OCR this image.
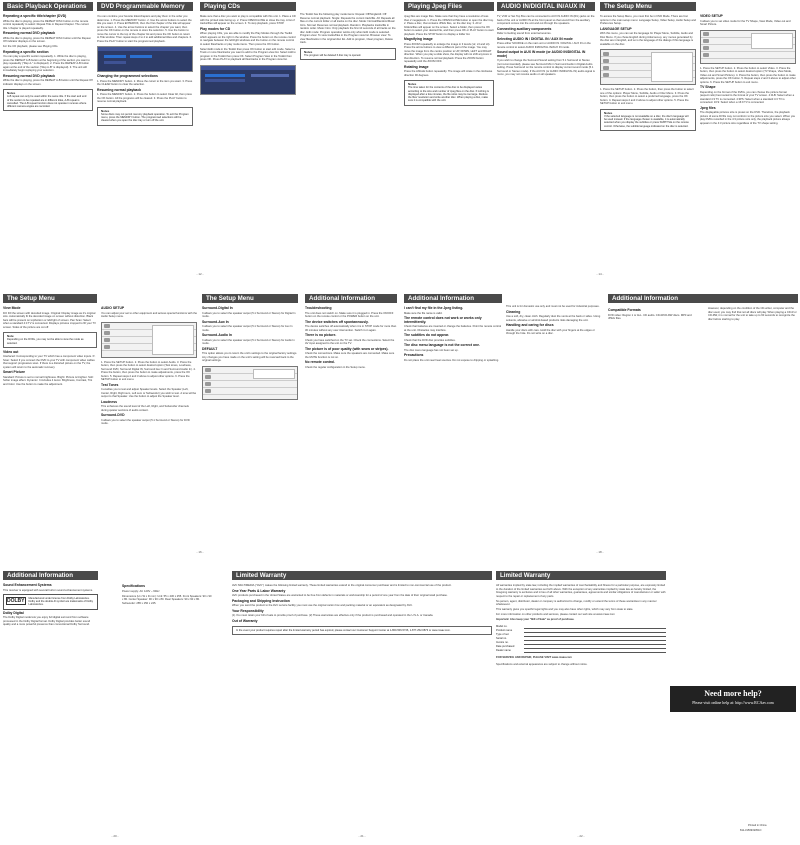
Basic Playback Operations
Repeating a specific title/chapter (DVD)

While the disc is playing, press the REPEAT DISC button on the remote control repeatedly to select: Repeat Title or Repeat Chapter. The current title / chapter is played repeatedly.

Resuming normal DVD playback

While the disc is playing, press the REPEAT DISC button until the Repeat Off indicator displays on the screen.

For the CD playback, please see Playing CDs.

Repeating a specific section

You can play a specific section repeatedly. 1. While the disc is playing, press the REPEAT A-B button at the beginning of the section you want to play repeatedly ("Rep A-" is displayed). 2. Press the REPEAT A-B button again at the end of the section ("Rep A-B" is displayed). 3. The unit will immediately begin replaying your selection.

Resuming normal DVD playback

While the disc is playing, press the REPEAT A-B button until the Repeat Off indicator displays on the screen.

Notes
A-B repeat can only be used within the same title. If the start and end of the section to be repeated are in different titles, A-B repeat is cancelled. The A-B repeat function does not operate in scenes where different camera angles are recorded.
DVD Programmable Memory

You can combine your favorite titles/chapters and play them in the order you determine. 1. Press the MEMORY button. 2. Use the arrow buttons to select the title you want. 3. Press ENTER/OK, then the first chapter of the title will appear on the screen. 4. Use the arrow buttons to select the chapter you want, then press the OK button on the remote to store the selection. 5. Use the button to move the cursor to the top of the chapter list and press the OK button to return to Title window. Then repeat steps 2 to 4 to add additional titles and chapters. 6. Press the PLAY button to start the programmed playback.

Changing the programmed selections

1. Press the MEMORY button. 2. Move the cursor to the item you want. 3. Press the CLEAR button to clear the selection.

Resuming normal playback

1. Press the MEMORY button. 2. Press the button to select Clear All, then press the OK button. All the programs will be cleared. 3. Press the PLAY button to resume normal playback.

Notes
Some discs may not permit memory playback operation. To exit the Program menu, press the MEMORY button. The programmed selections will be cleared when you open the disc tray or turn off the unit.
Playing CDs

Make sure that a disc you want to play is compatible with this unit. 1. Place a CD with the printed side facing up. 2. Press OPEN/CLOSE to close the tray. A list of tracks/files will appear on the screen. 3. To stop playback, press STOP.

Play modes for CD

When playing CDs, you are able to modify the Play Modes through the Toolkit which appears on the right in the window. Press the button on the remote control to navigate between the left/right windows and the button on the remote control to select files/tracks or play mode items. Then press the OK button.

Select Edit mode in the Toolkit then press OK button to start edit mode. Select a Track or more files/tracks you want to add to the Program view list. Select Add to program in the Toolkit then press OK. Select Program View in the Toolkit then press OK. Press PLAY to playback all files/tracks in the Program view list.

The Toolkit has the following play mode items: Repeat: Off/Single/All. Off: Resume normal playback. Single: Repeats the current track/file. All: Repeats all files on the current folder or all tracks on the disc. Mode: Normal/Random/Music Intro. Normal: Resumes normal playback. Random: Playbacks tracks/file in random order. Music Intro: Only playback the first 10 seconds of all tracks on the disc. Edit mode: Program operation works only when Edit mode is selected. Program view: To view tracks/files in the Program view list. Browser view: To view files/tracks in the original disc list. Add to program, Clear program, Delete track.

Notes
The program will be deleted if disc tray is opened.
- 12 -
Playing Jpeg Files

Jpeg files are image files. Make sure that they have a resolution of less than 2 megapixels. 1. Press the OPEN/CLOSE button to open the disc tray. 2. Place a disc, that contains JPEG files, on the disc tray. 3. All of folders/files will appear on the screen. Select a folder, then press the OK button to select your desired file, and then press OK or PLAY button to start playback. Press the STOP button to display a folder list.

Magnifying image

Press ZOOM repeatedly to enlarge the image in 3 levels (x2, x3 and x4). Press the arrow buttons to view a different part of the image. You may move the image from the centre position to UP, DOWN, LEFT and RIGHT direction. When you play a slide show, the display will not shift anymore in that direction. To resume normal playback: Press the ZOOM button repeatedly until the ZOOM OFF.

Rotating image

Press the ANGLE button repeatedly. The image will rotate in the clockwise direction 90 degrees.

Notes
The time taken for the contents of the disc to be displayed varies according to the size and number of Jpeg files on the disc. If nothing is displayed after a few minutes, the file sizes may be too large. Reduce the files' resolution and write another disc. When playing a disc, make sure it is compatible with the unit.
AUDIO IN/DIGITAL IN/AUX IN

TV, VCR or Set Top Box can be connected to AUX IN AUDIO IN (R/L) jacks on the back of the unit or AUDIO IN at the front panel so that sound from the auxiliary component comes into the unit and out through the speakers.

Connecting auxiliary components

Refer to Getting sound from external sources.

Selecting AUDIO IN / DIGITAL IN / AUX IN mode

Press either SOURCE on the main unit or AUDIO IN / DIGITAL / AUX IN on the remote control to select AUDIO IN/DIGITAL IN/AUX IN mode.

Sound output in AUX IN mode (or AUDIO IN/DIGITAL IN mode)

If you wish to change the Surround Sound setting from 5.1 Surround to Stereo (not recommended), please see Surround Mix in Surround Audio in Digital Audio setting. Press Surround on the remote control to display current sound mode (5.1 Surround or Stereo mode). If the AUX IN (or AUDIO IN/DIGITAL IN) audio signal is mono, you may not receive audio on all speakers.

The Setup Menu

To access the Setup Menu, you must first be in DVD Mode. There are four options in the main setup menu: Language Setup, Video Setup, Audio Setup and Preference Setup.

LANGUAGE SETUP

With this menu, you can set the language for Player Menu, Subtitle, Audio and Disc Menu. If you chose English during initial set-up, any menus generated by the disc are in English, and so is the language of the dialogs if this language is available on the disc.

1. Press the SETUP button. 2. Press the button, then press the button to select one of the options: Player Menu, Subtitle, Audio or Disc Menu. 3. Press the button, then press the button to select a preferred language, press the OK button. 4. Repeat steps 2 and 3 above to adjust other options. 5. Press the SETUP button to exit menu.

Notes
If the selected language is not available on a disc, the disc's language will be used instead. If the language chosen is available, it is automatically selected when you display the subtitles or press SUBTITLE on the remote control. Otherwise, the subtitle language indicated on the disc is selected.
VIDEO SETUP

It allows you to set video mode for the TV Shape, View Mode, Video out and Smart Picture.

1. Press the SETUP button. 2. Press the button to select Video. 3. Press the button, then press the button to select desired option (TV Shape, View Mode, Video out and Smart Picture). 4. Press the button, then press the button to make adjustments, press the OK button. 5. Repeat steps 2 and 3 above to adjust other options. 6. Press the SETUP button to exit menu.

TV Shape

Depending on the format of the DVDs, you can choose the picture format (aspect ratio) best suited to the format of your TV screen. 4:3LB: Select when a standard 4:3 TV is connected. 4:3PS: Select when a standard 4:3 TV is connected. 16:9: Select when a 16:9 TV is connected.

Jpeg files

The displayable pictures size is preset on the DVD. Therefore, the playback picture of some DVDs may not conform to the picture size you select. When you play DVDs recorded in the 4:3 picture size only, the playback picture always appears in the 4:3 picture size regardless of the TV shape setting.

- 14 -
The Setup Menu
View Mode

Fill: Fill the screen with decoded image. Original: Display image as it's original size. Automatically fit the decoded image on screen without distortion. Black bars will be present on top/bottom or left/right of screen. Pan Scan: Select when a standard 4:3 TV is connected. Displays pictures cropped to fill your TV screen. Sides of the picture are cut off.

Note
Depending on the DVDs, you may not be able to view the mode as selected.
Video out

Interlaced: Corresponding to your TV which has a component video inputs. P-Scan: Select if you connect the DVD to your TV with component video cables that support progressive scan. If there is a distorted picture on the TV, the system will return to the automatic recovery.

Smart Picture

Standard: Picture is set to normal brightness. Bright: Picture is brighter. Soft: Softer image effect. Dynamic: It includes 4 items: Brightness, Contrast, Tint and Color. Use the button to make the adjustment.

AUDIO SETUP

You can adjust your set to other equipment and access special functions with the Audio Setup menu.

1. Press the SETUP button. 2. Press the button to select Audio. 3. Press the button, then press the button to select desired option (Test tones, Loudness, Surround DVD, Surround Digital IN, Surround Aux In and Surround Audio In). 4. Press the button, then press the button to make adjustments, press the OK button. 5. Repeat steps 2 and 3 above to adjust other options. 6. Press the SETUP button to exit menu.

Test Tones

It enables you to test and adjust Speaker levels. Select the Speaker (Left, Center, Right, Right sum, Left sum or Subwoofer) you wish to test. A tone will be output to that Speaker. Use the button to adjust the Speaker level.

Loudness

This enhances the sound level of the Left, Right, and Subwoofer channels during quieter sections of audio content.

Surround-DVD

It allows you to select the speaker output (5.1 Surround or Stereo) for DVD mode.

The Setup Menu
Surround-Digital In

It allows you to select the speaker output (5.1 Surround or Stereo) for Digital In mode.

Surround-Aux In

It allows you to select the speaker output (5.1 Surround or Stereo) for Aux In mode.

Surround-Audio In

It allows you to select the speaker output (5.1 Surround or Stereo) for Audio In mode.

DEFAULT

This option allows you to return the unit's settings to the original factory settings. Any changes you have made on the unit's setting will be reversed back to the original settings.

Additional Information
Troubleshooting

The unit does not switch on. Make sure it is plugged in. Press the ON/OFF button on the remote control or the POWER button on the unit.

The device switches off spontaneously.

The device switches off automatically when it is in STOP mode for more than 30 minutes without any user intervention. Switch it on again.

There is no picture.

Check you have switched on the TV set. Check the connections. Select the AV input assigned to the unit on the TV.

The picture is of poor quality (with snow or stripes).

Check the connections. Make sure the speakers are connected. Make sure the MUTE function is not on.

No remote control.

Check the regular configuration in the Setup menu.

- 16 -
Additional Information
I can't find my file in the Jpeg listing.

Make sure the file name is valid.

The remote control does not work or works only intermittently.

Check that batteries are inserted or change the batteries. Point the remote control at the unit. Obstacles may interfere.

The subtitles do not appear.

Check that the DVD disc provides subtitles.

The disc menu language is not the correct one.

The disc menu language has not been set up.

Precautions

Do not place the unit near heat sources. Do not expose to dripping or splashing.

This unit is for domestic use only and must not be used for industrial purposes.

Cleaning

Use a soft, dry, clean cloth. Regularly dust the vents at the back or sides. Using solvents, abrasive or alcohol-based products risks damaging the unit.

Handling and caring for discs

Handle your discs with care. Hold the disc with your fingers at the edges or through the hole. Do not write on a disc.

Additional Information
Compatible Formats

DVD video: Region 1 or ALL. CD audio. CD-R/CD-RW discs. MP3 and JPEG files.

However, depending on the condition of the CD-writer, computer and the disc used, you may find that not all discs will play. When playing a CD-R or CD-RW, it is normal for the unit to take up to 60 seconds to recognize the disc before starting to play.

- 18 -
Additional Information
Sound Enhancement Systems

This receiver is equipped with several built-in sound enhancement systems.

DOLBY	Manufactured under license from Dolby Laboratories. Dolby and the double-D symbol are trademarks of Dolby Laboratories.
Dolby Digital

The Dolby Digital mode lets you enjoy full digital surround from software processed in the Dolby Digital format. Dolby Digital provides better sound quality and a more powerful presence than conventional Dolby Surround.

Specifications

Power supply: AC 120V ~ 60Hz

Dimensions (H x W x D mm): Unit: 55 x 430 x 255. Front Speakers: 90 x 90 x 80. Center Speaker: 90 x 90 x 80. Rear Speakers: 90 x 90 x 80. Subwoofer: 285 x 150 x 245.

- 20 -
Limited Warranty

AVC MULTIMEDIA ("AVC") makes the following limited warranty. These limited warranties extend to the original consumer purchaser and is limited to non-commercial use of the product.

One Year Parts & Labor Warranty

AVC products purchased in the United States are warranted to be free from defects in materials or workmanship for a period of one year from the date of their original retail purchase.

Packaging and Shipping Instruction

When you send the product to the AVC service facility you must use the original carton box and packing material or an equivalent as designated by AVC.

Your Responsibility

(1) You must retain your bill of sale to provide proof of purchase. (2) These warranties are effective only if the product is purchased and operated in the U.S.A. or Canada.

Out of Warranty
In the event your product requires repair after the limited warranty period has expired, please contact our Customer Support Center at 1-800-506-5746, 1-877-252-6873 or www.rcaav.com.
- 21 -
Limited Warranty

All warranties implied by state law, including the implied warranties of merchantability and fitness for a particular purpose, are expressly limited to the duration of the limited warranties set forth above. With the exception of any warranties implied by state law as hereby limited, the foregoing warranty is exclusive and in lieu of all other warranties, guarantees, agreements and similar obligations of manufacturer or seller with respect to the repair or replacement of any parts.

No person, agent, distributor, dealer or company is authorized to change, modify or extend the terms of these warranties in any manner whatsoever.

This warranty gives you specific legal rights and you may also have other rights, which may vary from state to state.

For more information on other products and services, please contact our web site at www.rcaav.com

Important: Also keep your "Bill of Sale" as proof of purchase.

Model no.
Product name
Type of set
Serial no.
Invoice no.
Date purchased
Dealer name
FOR SERVICE AND REPAIR, PLEASE VISIT www.rcaav.com
Specifications and external appearance are subject to change without notice.
- 22 -
Need more help?
Please visit online help at: http://www.RCAav.com
Printed in China
811-3156919051O
